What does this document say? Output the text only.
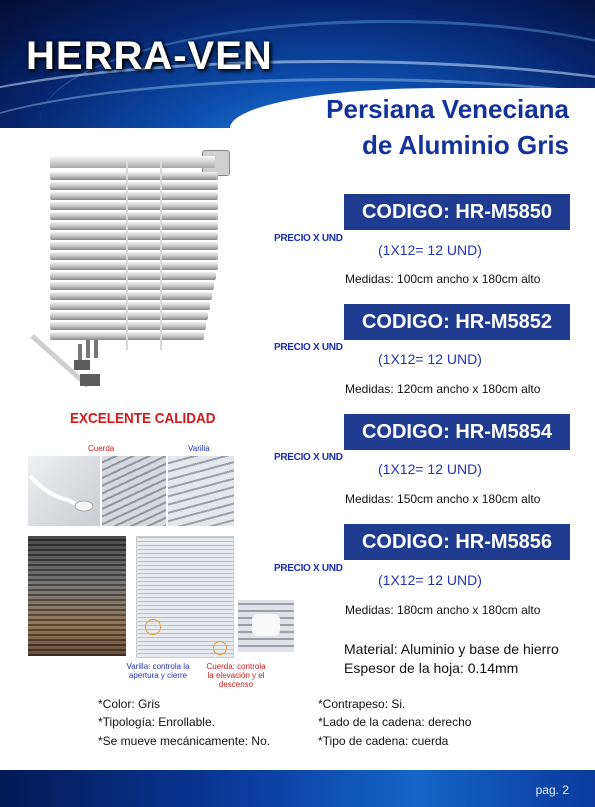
HERRA-VEN
Persiana Veneciana
de Aluminio Gris
EXCELENTE CALIDAD
Cuerda	Varilla
Varilla: controla la
apertura y cierre
Cuerda: controla
la elevación y el
descenso
CODIGO: HR-M5850
PRECIO X UND
(1X12= 12 UND)
Medidas: 100cm ancho x 180cm alto
CODIGO: HR-M5852
PRECIO X UND
(1X12= 12 UND)
Medidas: 120cm ancho x 180cm alto
CODIGO: HR-M5854
PRECIO X UND
(1X12= 12 UND)
Medidas: 150cm ancho x 180cm alto
CODIGO: HR-M5856
PRECIO X UND
(1X12= 12 UND)
Medidas: 180cm ancho x 180cm alto
Material: Aluminio y base de hierro
Espesor de la hoja: 0.14mm
*Color: Gris
*Tipología: Enrollable.
*Se mueve mecánicamente: No.
*Contrapeso: Si.
*Lado de la cadena: derecho
*Tipo de cadena: cuerda
pag. 2
